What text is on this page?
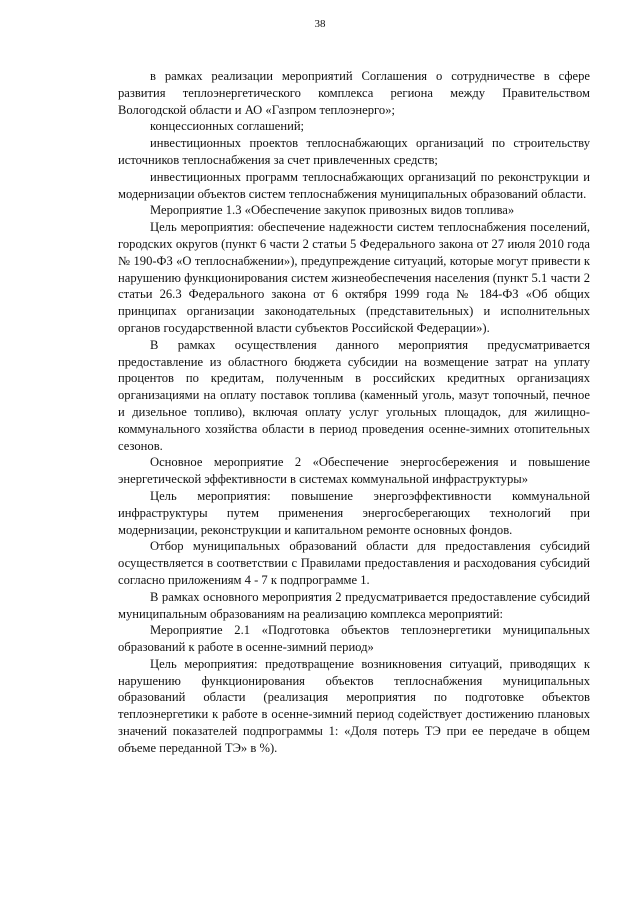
38

в рамках реализации мероприятий Соглашения о сотрудничестве в сфере развития теплоэнергетического комплекса региона между Правительством Вологодской области и АО «Газпром теплоэнерго»;

концессионных соглашений;

инвестиционных проектов теплоснабжающих организаций по строительству источников теплоснабжения за счет привлеченных средств;

инвестиционных программ теплоснабжающих организаций по реконструкции и модернизации объектов систем теплоснабжения муниципальных образований области.

Мероприятие 1.3 «Обеспечение закупок привозных видов топлива»

Цель мероприятия: обеспечение надежности систем теплоснабжения поселений, городских округов (пункт 6 части 2 статьи 5 Федерального закона от 27 июля 2010 года № 190-ФЗ «О теплоснабжении»), предупреждение ситуаций, которые могут привести к нарушению функционирования систем жизнеобеспечения населения (пункт 5.1 части 2 статьи 26.3 Федерального закона от 6 октября 1999 года № 184-ФЗ «Об общих принципах организации законодательных (представительных) и исполнительных органов государственной власти субъектов Российской Федерации»).

В рамках осуществления данного мероприятия предусматривается предоставление из областного бюджета субсидии на возмещение затрат на уплату процентов по кредитам, полученным в российских кредитных организациях организациями на оплату поставок топлива (каменный уголь, мазут топочный, печное и дизельное топливо), включая оплату услуг угольных площадок, для жилищно-коммунального хозяйства области в период проведения осенне-зимних отопительных сезонов.

Основное мероприятие 2 «Обеспечение энергосбережения и повышение энергетической эффективности в системах коммунальной инфраструктуры»

Цель мероприятия: повышение энергоэффективности коммунальной инфраструктуры путем применения энергосберегающих технологий при модернизации, реконструкции и капитальном ремонте основных фондов.

Отбор муниципальных образований области для предоставления субсидий осуществляется в соответствии с Правилами предоставления и расходования субсидий согласно приложениям 4 - 7 к подпрограмме 1.

В рамках основного мероприятия 2 предусматривается предоставление субсидий муниципальным образованиям на реализацию комплекса мероприятий:

Мероприятие 2.1 «Подготовка объектов теплоэнергетики муниципальных образований к работе в осенне-зимний период»

Цель мероприятия: предотвращение возникновения ситуаций, приводящих к нарушению функционирования объектов теплоснабжения муниципальных образований области (реализация мероприятия по подготовке объектов теплоэнергетики к работе в осенне-зимний период содействует достижению плановых значений показателей подпрограммы 1: «Доля потерь ТЭ при ее передаче в общем объеме переданной ТЭ» в %).
